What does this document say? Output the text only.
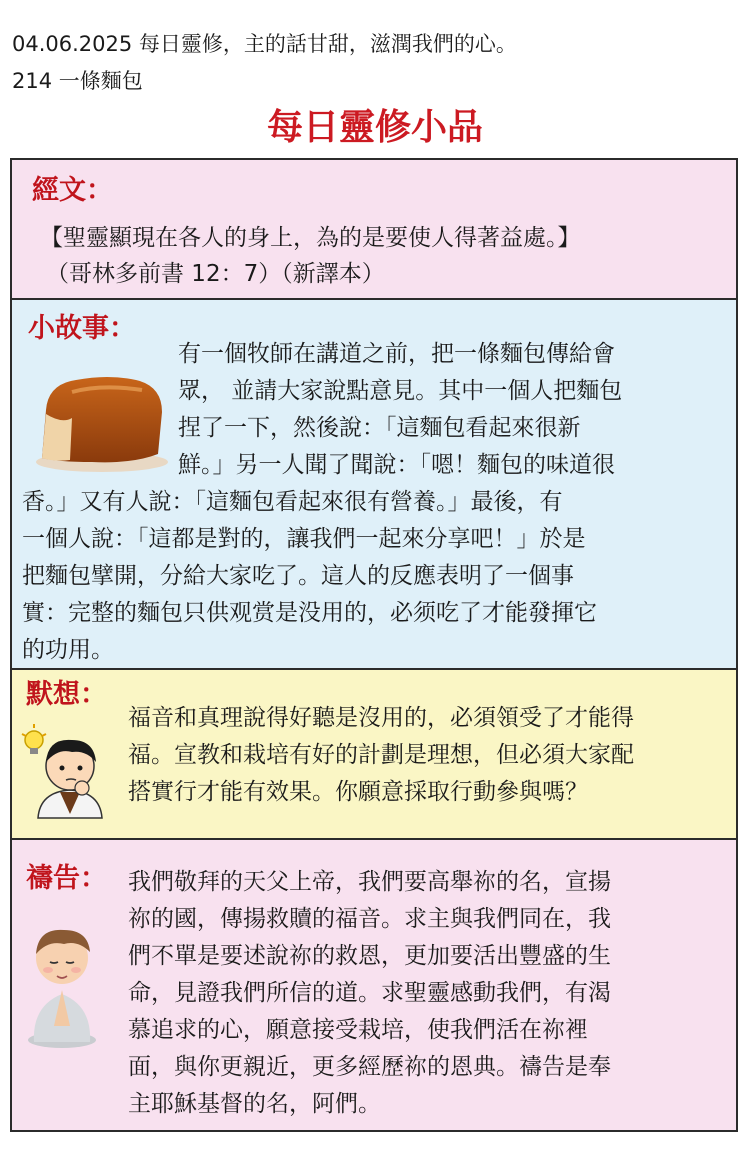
04.06.2025 每日靈修，主的話甘甜，滋潤我們的心。
214 一條麵包
每日靈修小品
經文：
【聖靈顯現在各人的身上，為的是要使人得著益處。】
（哥林多前書 12：7）（新譯本）
小故事：
有一個牧師在講道之前，把一條麵包傳給會
眾， 並請大家說點意見。其中一個人把麵包
捏了一下，然後說：「這麵包看起來很新
鮮。」另一人聞了聞說：「嗯！麵包的味道很
香。」又有人說：「這麵包看起來很有營養。」最後，有
一個人說：「這都是對的，讓我們一起來分享吧！」於是
把麵包擘開，分給大家吃了。這人的反應表明了一個事
實：完整的麵包只供观赏是没用的，必须吃了才能發揮它
的功用。
默想：
福音和真理說得好聽是沒用的，必須領受了才能得
福。宣教和栽培有好的計劃是理想，但必須大家配
搭實行才能有效果。你願意採取行動參與嗎？
禱告： 我們敬拜的天父上帝，我們要高舉祢的名，宣揚
祢的國，傳揚救贖的福音。求主與我們同在，我
們不單是要述說祢的救恩，更加要活出豐盛的生
命，見證我們所信的道。求聖靈感動我們，有渴
慕追求的心，願意接受栽培，使我們活在祢裡
面，與你更親近，更多經歷祢的恩典。禱告是奉
主耶穌基督的名，阿們。
